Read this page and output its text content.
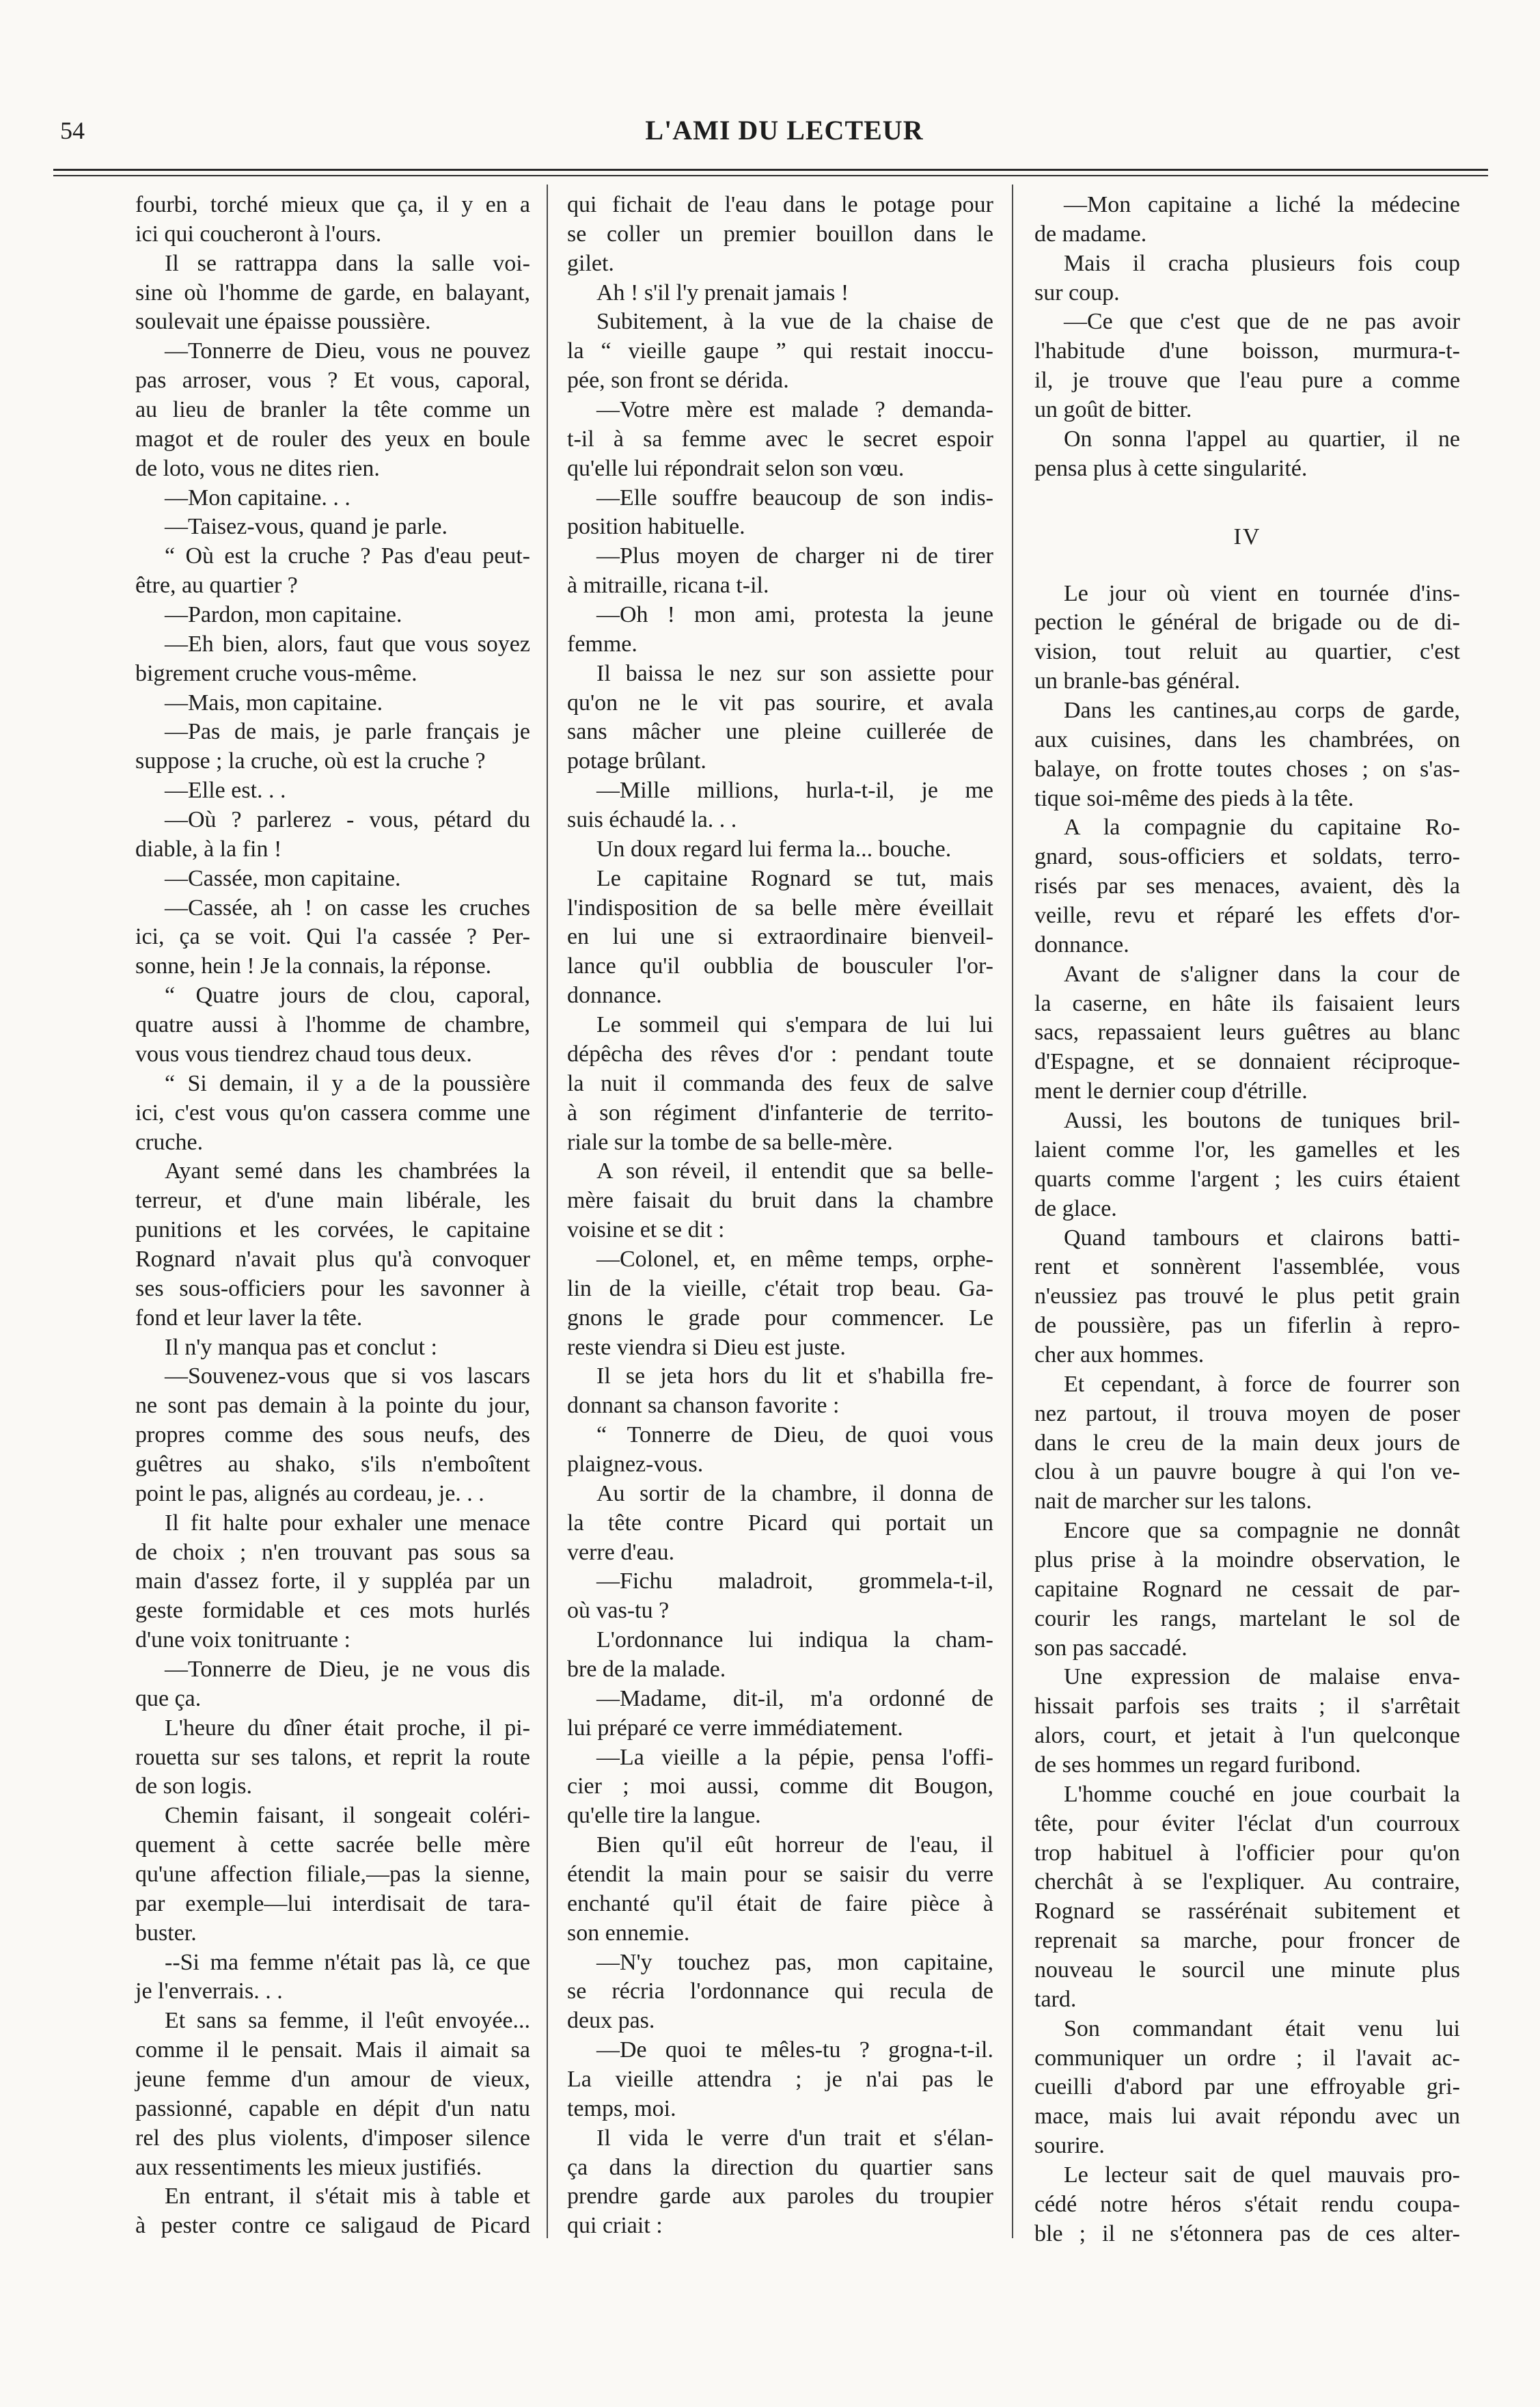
54	L'AMI DU LECTEUR
fourbi, torché mieux que ça, il y en a
ici qui coucheront à l'ours.
Il se rattrappa dans la salle voi-
sine où l'homme de garde, en balayant,
soulevait une épaisse poussière.
—Tonnerre de Dieu, vous ne pouvez
pas arroser, vous ? Et vous, caporal,
au lieu de branler la tête comme un
magot et de rouler des yeux en boule
de loto, vous ne dites rien.
—Mon capitaine. . .
—Taisez-vous, quand je parle.
“ Où est la cruche ? Pas d'eau peut-
être, au quartier ?
—Pardon, mon capitaine.
—Eh bien, alors, faut que vous soyez
bigrement cruche vous-même.
—Mais, mon capitaine.
—Pas de mais, je parle français je
suppose ; la cruche, où est la cruche ?
—Elle est. . .
—Où ? parlerez - vous, pétard du
diable, à la fin !
—Cassée, mon capitaine.
—Cassée, ah ! on casse les cruches
ici, ça se voit. Qui l'a cassée ? Per-
sonne, hein ! Je la connais, la réponse.
“ Quatre jours de clou, caporal,
quatre aussi à l'homme de chambre,
vous vous tiendrez chaud tous deux.
“ Si demain, il y a de la poussière
ici, c'est vous qu'on cassera comme une
cruche.
Ayant semé dans les chambrées la
terreur, et d'une main libérale, les
punitions et les corvées, le capitaine
Rognard n'avait plus qu'à convoquer
ses sous-officiers pour les savonner à
fond et leur laver la tête.
Il n'y manqua pas et conclut :
—Souvenez-vous que si vos lascars
ne sont pas demain à la pointe du jour,
propres comme des sous neufs, des
guêtres au shako, s'ils n'emboîtent
point le pas, alignés au cordeau, je. . .
Il fit halte pour exhaler une menace
de choix ; n'en trouvant pas sous sa
main d'assez forte, il y suppléa par un
geste formidable et ces mots hurlés
d'une voix tonitruante :
—Tonnerre de Dieu, je ne vous dis
que ça.
L'heure du dîner était proche, il pi-
rouetta sur ses talons, et reprit la route
de son logis.
Chemin faisant, il songeait coléri-
quement à cette sacrée belle mère
qu'une affection filiale,—pas la sienne,
par exemple—lui interdisait de tara-
buster.
--Si ma femme n'était pas là, ce que
je l'enverrais. . .
Et sans sa femme, il l'eût envoyée...
comme il le pensait. Mais il aimait sa
jeune femme d'un amour de vieux,
passionné, capable en dépit d'un natu
rel des plus violents, d'imposer silence
aux ressentiments les mieux justifiés.
En entrant, il s'était mis à table et
à pester contre ce saligaud de Picard
qui fichait de l'eau dans le potage pour
se coller un premier bouillon dans le
gilet.
Ah ! s'il l'y prenait jamais !
Subitement, à la vue de la chaise de
la “ vieille gaupe ” qui restait inoccu-
pée, son front se dérida.
—Votre mère est malade ? demanda-
t-il à sa femme avec le secret espoir
qu'elle lui répondrait selon son vœu.
—Elle souffre beaucoup de son indis-
position habituelle.
—Plus moyen de charger ni de tirer
à mitraille, ricana t-il.
—Oh ! mon ami, protesta la jeune
femme.
Il baissa le nez sur son assiette pour
qu'on ne le vit pas sourire, et avala
sans mâcher une pleine cuillerée de
potage brûlant.
—Mille millions, hurla-t-il, je me
suis échaudé la. . .
Un doux regard lui ferma la... bouche.
Le capitaine Rognard se tut, mais
l'indisposition de sa belle mère éveillait
en lui une si extraordinaire bienveil-
lance qu'il oubblia de bousculer l'or-
donnance.
Le sommeil qui s'empara de lui lui
dépêcha des rêves d'or : pendant toute
la nuit il commanda des feux de salve
à son régiment d'infanterie de territo-
riale sur la tombe de sa belle-mère.
A son réveil, il entendit que sa belle-
mère faisait du bruit dans la chambre
voisine et se dit :
—Colonel, et, en même temps, orphe-
lin de la vieille, c'était trop beau. Ga-
gnons le grade pour commencer. Le
reste viendra si Dieu est juste.
Il se jeta hors du lit et s'habilla fre-
donnant sa chanson favorite :
“ Tonnerre de Dieu, de quoi vous
plaignez-vous.
Au sortir de la chambre, il donna de
la tête contre Picard qui portait un
verre d'eau.
—Fichu maladroit, grommela-t-il,
où vas-tu ?
L'ordonnance lui indiqua la cham-
bre de la malade.
—Madame, dit-il, m'a ordonné de
lui préparé ce verre immédiatement.
—La vieille a la pépie, pensa l'offi-
cier ; moi aussi, comme dit Bougon,
qu'elle tire la langue.
Bien qu'il eût horreur de l'eau, il
étendit la main pour se saisir du verre
enchanté qu'il était de faire pièce à
son ennemie.
—N'y touchez pas, mon capitaine,
se récria l'ordonnance qui recula de
deux pas.
—De quoi te mêles-tu ? grogna-t-il.
La vieille attendra ; je n'ai pas le
temps, moi.
Il vida le verre d'un trait et s'élan-
ça dans la direction du quartier sans
prendre garde aux paroles du troupier
qui criait :
—Mon capitaine a liché la médecine
de madame.
Mais il cracha plusieurs fois coup
sur coup.
—Ce que c'est que de ne pas avoir
l'habitude d'une boisson, murmura-t-
il, je trouve que l'eau pure a comme
un goût de bitter.
On sonna l'appel au quartier, il ne
pensa plus à cette singularité.
IV
Le jour où vient en tournée d'ins-
pection le général de brigade ou de di-
vision, tout reluit au quartier, c'est
un branle-bas général.
Dans les cantines,au corps de garde,
aux cuisines, dans les chambrées, on
balaye, on frotte toutes choses ; on s'as-
tique soi-même des pieds à la tête.
A la compagnie du capitaine Ro-
gnard, sous-officiers et soldats, terro-
risés par ses menaces, avaient, dès la
veille, revu et réparé les effets d'or-
donnance.
Avant de s'aligner dans la cour de
la caserne, en hâte ils faisaient leurs
sacs, repassaient leurs guêtres au blanc
d'Espagne, et se donnaient réciproque-
ment le dernier coup d'étrille.
Aussi, les boutons de tuniques bril-
laient comme l'or, les gamelles et les
quarts comme l'argent ; les cuirs étaient
de glace.
Quand tambours et clairons batti-
rent et sonnèrent l'assemblée, vous
n'eussiez pas trouvé le plus petit grain
de poussière, pas un fiferlin à repro-
cher aux hommes.
Et cependant, à force de fourrer son
nez partout, il trouva moyen de poser
dans le creu de la main deux jours de
clou à un pauvre bougre à qui l'on ve-
nait de marcher sur les talons.
Encore que sa compagnie ne donnât
plus prise à la moindre observation, le
capitaine Rognard ne cessait de par-
courir les rangs, martelant le sol de
son pas saccadé.
Une expression de malaise enva-
hissait parfois ses traits ; il s'arrêtait
alors, court, et jetait à l'un quelconque
de ses hommes un regard furibond.
L'homme couché en joue courbait la
tête, pour éviter l'éclat d'un courroux
trop habituel à l'officier pour qu'on
cherchât à se l'expliquer. Au contraire,
Rognard se rassérénait subitement et
reprenait sa marche, pour froncer de
nouveau le sourcil une minute plus
tard.
Son commandant était venu lui
communiquer un ordre ; il l'avait ac-
cueilli d'abord par une effroyable gri-
mace, mais lui avait répondu avec un
sourire.
Le lecteur sait de quel mauvais pro-
cédé notre héros s'était rendu coupa-
ble ; il ne s'étonnera pas de ces alter-
